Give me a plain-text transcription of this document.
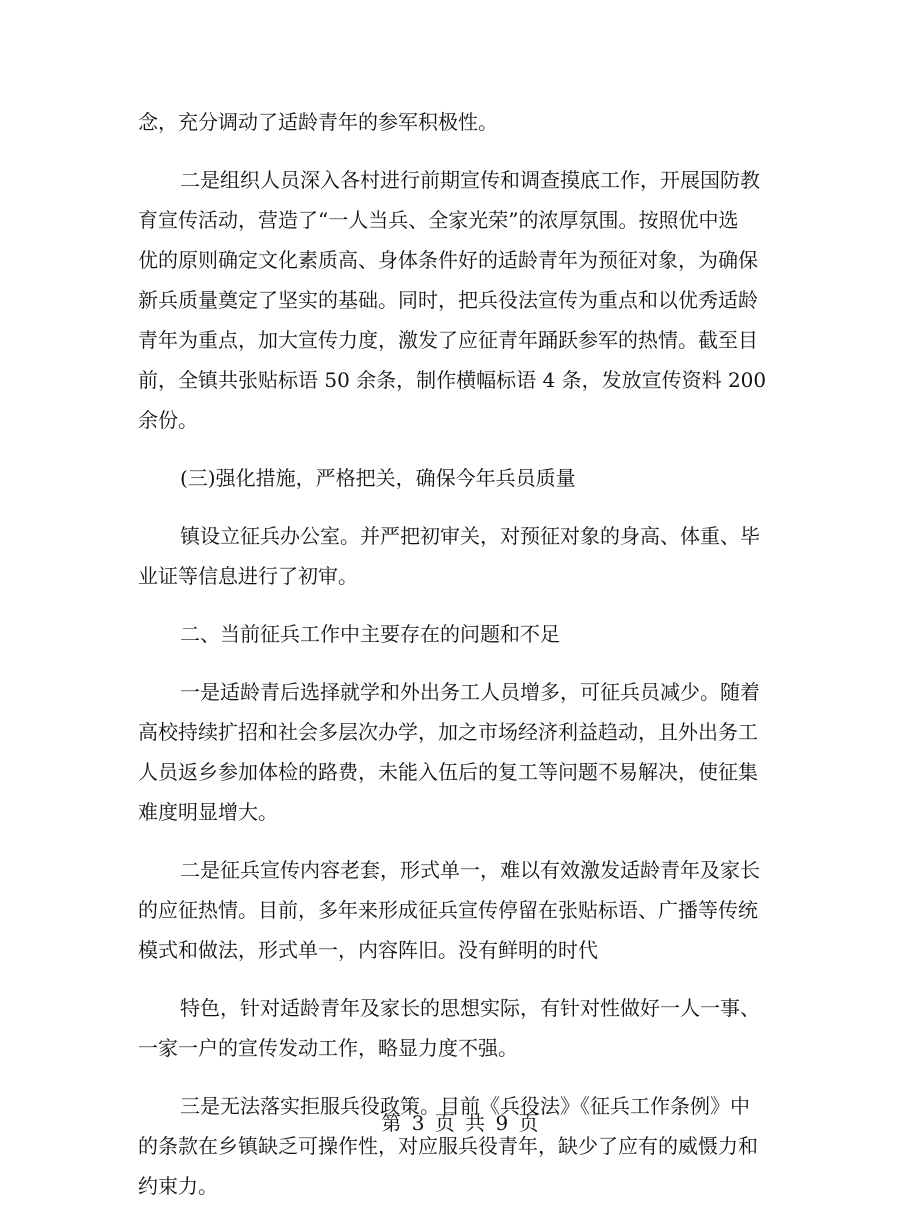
念，充分调动了适龄青年的参军积极性。
二是组织人员深入各村进行前期宣传和调查摸底工作，开展国防教
育宣传活动，营造了“一人当兵、全家光荣”的浓厚氛围。按照优中选
优的原则确定文化素质高、身体条件好的适龄青年为预征对象，为确保
新兵质量奠定了坚实的基础。同时，把兵役法宣传为重点和以优秀适龄
青年为重点，加大宣传力度，激发了应征青年踊跃参军的热情。截至目
前，全镇共张贴标语 50 余条，制作横幅标语 4 条，发放宣传资料 200
余份。
(三)强化措施，严格把关，确保今年兵员质量
镇设立征兵办公室。并严把初审关，对预征对象的身高、体重、毕
业证等信息进行了初审。
二、当前征兵工作中主要存在的问题和不足
一是适龄青后选择就学和外出务工人员增多，可征兵员减少。随着
高校持续扩招和社会多层次办学，加之市场经济利益趋动，且外出务工
人员返乡参加体检的路费，未能入伍后的复工等问题不易解决，使征集
难度明显增大。
二是征兵宣传内容老套，形式单一，难以有效激发适龄青年及家长
的应征热情。目前，多年来形成征兵宣传停留在张贴标语、广播等传统
模式和做法，形式单一，内容阵旧。没有鲜明的时代
特色，针对适龄青年及家长的思想实际，有针对性做好一人一事、
一家一户的宣传发动工作，略显力度不强。
三是无法落实拒服兵役政策。目前《兵役法》《征兵工作条例》中
的条款在乡镇缺乏可操作性，对应服兵役青年，缺少了应有的威慑力和
约束力。
第 3 页 共 9 页
